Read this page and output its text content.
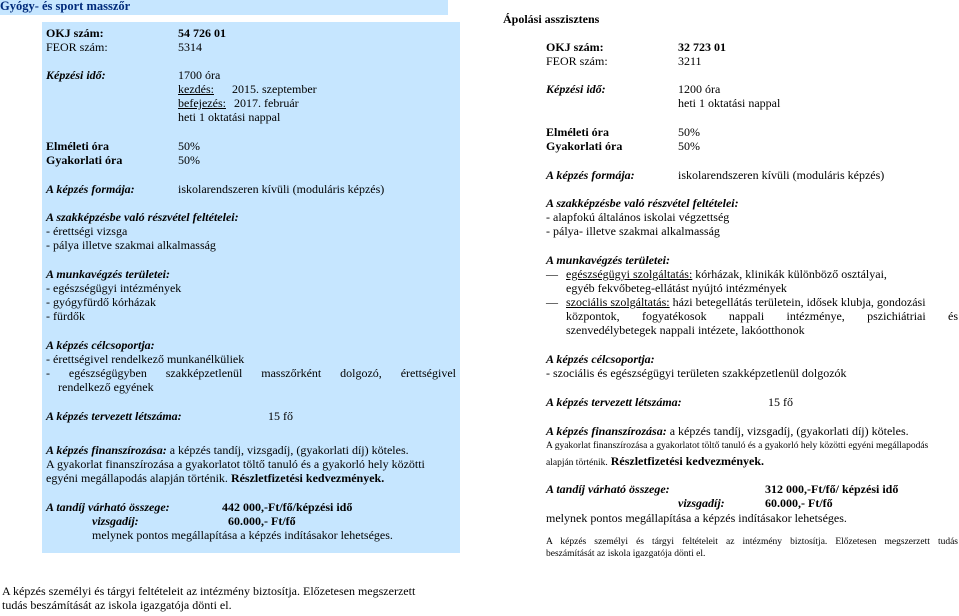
Gyógy- és sport masszőr
OKJ szám:	54 726 01
FEOR szám:	5314
Képzési idő:	1700 óra
kezdés: 2015. szeptember
befejezés: 2017. február
heti 1 oktatási nappal
Elméleti óra	50%
Gyakorlati óra	50%
A képzés formája:	iskolarendszeren kívüli (moduláris képzés)
A szakképzésbe való részvétel feltételei:
- érettségi vizsga
- pálya illetve szakmai alkalmasság
A munkavégzés területei:
- egészségügyi intézmények
- gyógyfürdő kórházak
- fürdők
A képzés célcsoportja:
- érettségivel rendelkező munkanélküliek
- egészségügyben szakképzetlenül masszőrként dolgozó, érettségivel
rendelkező egyének
A képzés tervezett létszáma:	15 fő
A képzés finanszírozása: a képzés tandíj, vizsgadíj, (gyakorlati díj) köteles.
A gyakorlat finanszírozása a gyakorlatot töltő tanuló és a gyakorló hely közötti
egyéni megállapodás alapján történik. Részletfizetési kedvezmények.
A tandíj várható összege:	442 000,-Ft/fő/képzési idő
vizsgadíj:	60.000,- Ft/fő
melynek pontos megállapítása a képzés indításakor lehetséges.
A képzés személyi és tárgyi feltételeit az intézmény biztosítja. Előzetesen megszerzett
tudás beszámítását az iskola igazgatója dönti el.
Ápolási asszisztens
OKJ szám:	32 723 01
FEOR szám:	3211
Képzési idő:	1200 óra
heti 1 oktatási nappal
Elméleti óra	50%
Gyakorlati óra	50%
A képzés formája:	iskolarendszeren kívüli (moduláris képzés)
A szakképzésbe való részvétel feltételei:
- alapfokú általános iskolai végzettség
- pálya- illetve szakmai alkalmasság
A munkavégzés területei:
— egészségügyi szolgáltatás: kórházak, klinikák különböző osztályai,
egyéb fekvőbeteg-ellátást nyújtó intézmények
— szociális szolgáltatás: házi betegellátás területein, idősek klubja, gondozási
központok, fogyatékosok nappali intézménye, pszichiátriai és
szenvedélybetegek nappali intézete, lakóotthonok
A képzés célcsoportja:
- szociális és egészségügyi területen szakképzetlenül dolgozók
A képzés tervezett létszáma:	15 fő
A képzés finanszírozása: a képzés tandíj, vizsgadíj, (gyakorlati díj) köteles.
A gyakorlat finanszírozása a gyakorlatot töltő tanuló és a gyakorló hely közötti egyéni megállapodás
alapján történik. Részletfizetési kedvezmények.
A tandíj várható összege:	312 000,-Ft/fő/ képzési idő
vizsgadíj:	60.000,- Ft/fő
melynek pontos megállapítása a képzés indításakor lehetséges.
A képzés személyi és tárgyi feltételeit az intézmény biztosítja. Előzetesen megszerzett tudás
beszámítását az iskola igazgatója dönti el.
